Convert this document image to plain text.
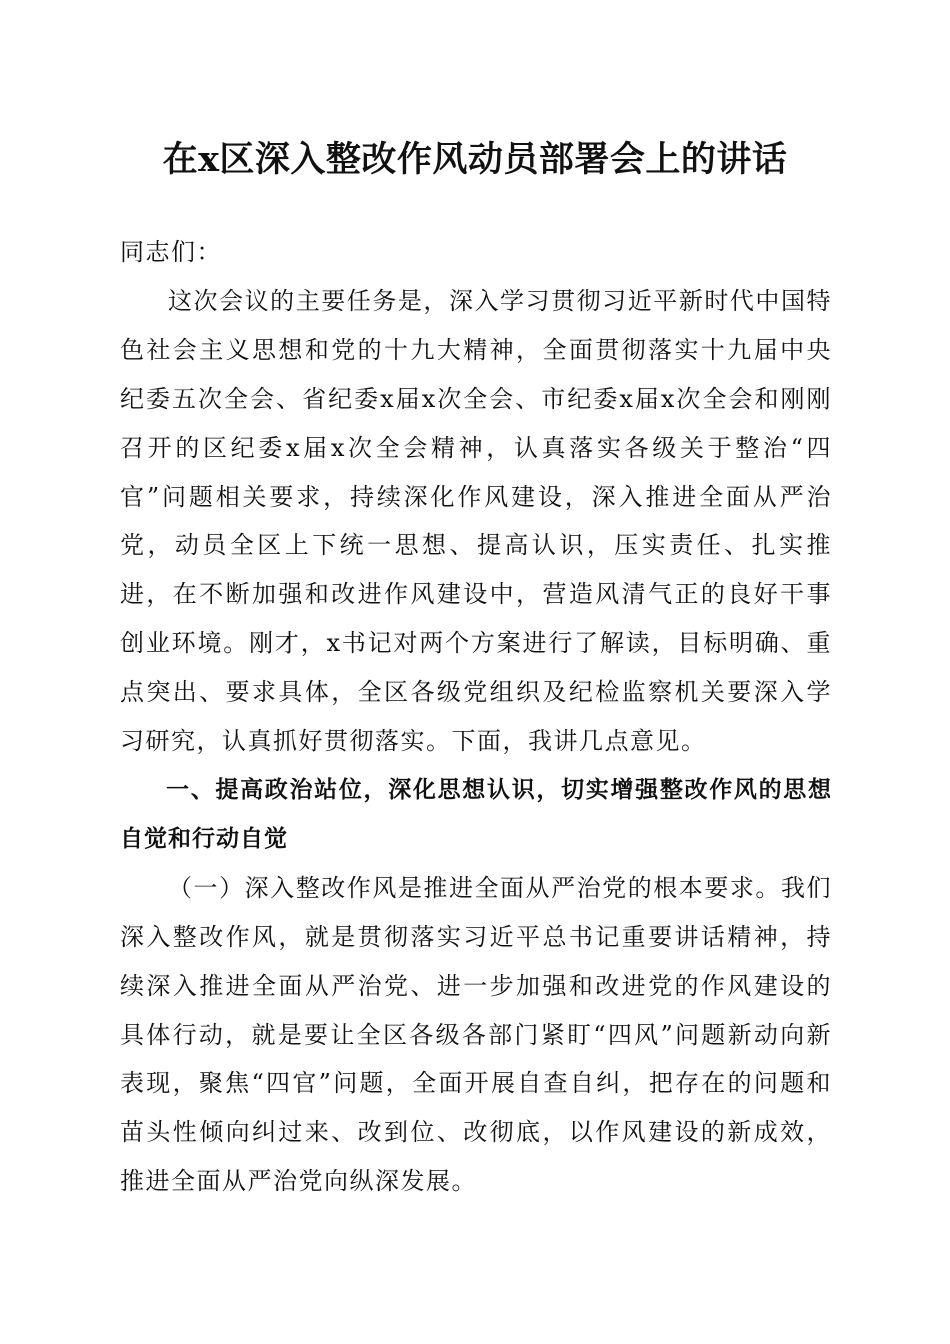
在x区深入整改作风动员部署会上的讲话

同志们：

这次会议的主要任务是，深入学习贯彻习近平新时代中国特色社会主义思想和党的十九大精神，全面贯彻落实十九届中央纪委五次全会、省纪委x届x次全会、市纪委x届x次全会和刚刚召开的区纪委x届x次全会精神，认真落实各级关于整治“四官”问题相关要求，持续深化作风建设，深入推进全面从严治党，动员全区上下统一思想、提高认识，压实责任、扎实推进，在不断加强和改进作风建设中，营造风清气正的良好干事创业环境。刚才，x书记对两个方案进行了解读，目标明确、重点突出、要求具体，全区各级党组织及纪检监察机关要深入学习研究，认真抓好贯彻落实。下面，我讲几点意见。

一、提高政治站位，深化思想认识，切实增强整改作风的思想自觉和行动自觉

（一）深入整改作风是推进全面从严治党的根本要求。我们深入整改作风，就是贯彻落实习近平总书记重要讲话精神，持续深入推进全面从严治党、进一步加强和改进党的作风建设的具体行动，就是要让全区各级各部门紧盯“四风”问题新动向新表现，聚焦“四官”问题，全面开展自查自纠，把存在的问题和苗头性倾向纠过来、改到位、改彻底，以作风建设的新成效，推进全面从严治党向纵深发展。
